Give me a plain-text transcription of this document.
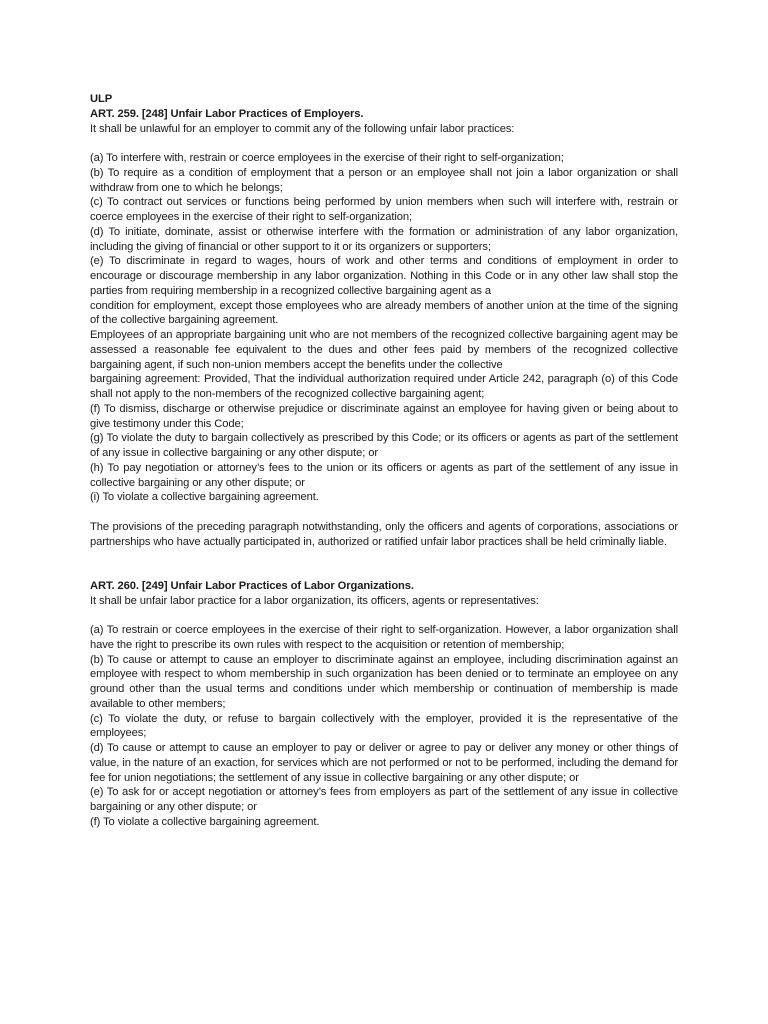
ULP
ART. 259. [248] Unfair Labor Practices of Employers.
It shall be unlawful for an employer to commit any of the following unfair labor practices:
(a) To interfere with, restrain or coerce employees in the exercise of their right to self-organization;
(b) To require as a condition of employment that a person or an employee shall not join a labor organization or shall withdraw from one to which he belongs;
(c) To contract out services or functions being performed by union members when such will interfere with, restrain or coerce employees in the exercise of their right to self-organization;
(d) To initiate, dominate, assist or otherwise interfere with the formation or administration of any labor organization, including the giving of financial or other support to it or its organizers or supporters;
(e) To discriminate in regard to wages, hours of work and other terms and conditions of employment in order to encourage or discourage membership in any labor organization. Nothing in this Code or in any other law shall stop the parties from requiring membership in a recognized collective bargaining agent as a
condition for employment, except those employees who are already members of another union at the time of the signing of the collective bargaining agreement.
Employees of an appropriate bargaining unit who are not members of the recognized collective bargaining agent may be assessed a reasonable fee equivalent to the dues and other fees paid by members of the recognized collective bargaining agent, if such non-union members accept the benefits under the collective
bargaining agreement: Provided, That the individual authorization required under Article 242, paragraph (o) of this Code shall not apply to the non-members of the recognized collective bargaining agent;
(f) To dismiss, discharge or otherwise prejudice or discriminate against an employee for having given or being about to give testimony under this Code;
(g) To violate the duty to bargain collectively as prescribed by this Code; or its officers or agents as part of the settlement of any issue in collective bargaining or any other dispute; or
(h) To pay negotiation or attorney’s fees to the union or its officers or agents as part of the settlement of any issue in collective bargaining or any other dispute; or
(i) To violate a collective bargaining agreement.
The provisions of the preceding paragraph notwithstanding, only the officers and agents of corporations, associations or partnerships who have actually participated in, authorized or ratified unfair labor practices shall be held criminally liable.
ART. 260. [249] Unfair Labor Practices of Labor Organizations.
It shall be unfair labor practice for a labor organization, its officers, agents or representatives:
(a) To restrain or coerce employees in the exercise of their right to self-organization. However, a labor organization shall have the right to prescribe its own rules with respect to the acquisition or retention of membership;
(b) To cause or attempt to cause an employer to discriminate against an employee, including discrimination against an employee with respect to whom membership in such organization has been denied or to terminate an employee on any ground other than the usual terms and conditions under which membership or continuation of membership is made available to other members;
(c) To violate the duty, or refuse to bargain collectively with the employer, provided it is the representative of the employees;
(d) To cause or attempt to cause an employer to pay or deliver or agree to pay or deliver any money or other things of value, in the nature of an exaction, for services which are not performed or not to be performed, including the demand for fee for union negotiations; the settlement of any issue in collective bargaining or any other dispute; or
(e) To ask for or accept negotiation or attorney’s fees from employers as part of the settlement of any issue in collective bargaining or any other dispute; or
(f) To violate a collective bargaining agreement.
